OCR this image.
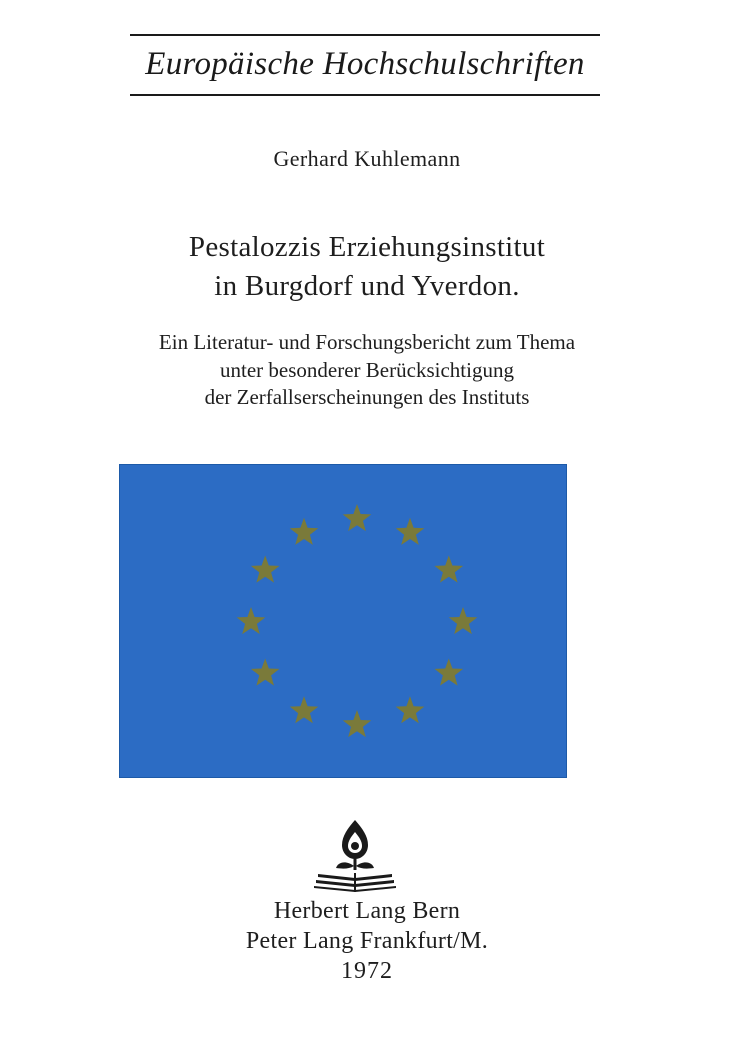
Europäische Hochschulschriften
Gerhard Kuhlemann
Pestalozzis Erziehungsinstitut
in Burgdorf und Yverdon.
Ein Literatur- und Forschungsbericht zum Thema
unter besonderer Berücksichtigung
der Zerfallserscheinungen des Instituts
Herbert Lang Bern
Peter Lang Frankfurt/M.
1972
